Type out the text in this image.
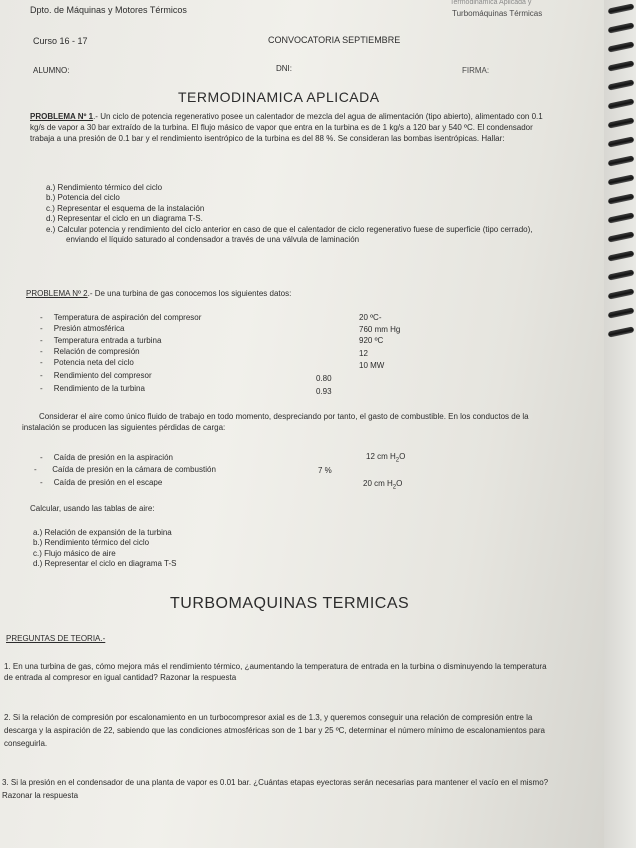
Dpto. de Máquinas y Motores Térmicos
Termodinámica Aplicada y
Turbomáquinas Térmicas
Curso 16 - 17	CONVOCATORIA SEPTIEMBRE
ALUMNO:	DNI:	FIRMA:
TERMODINAMICA APLICADA
PROBLEMA Nº 1.- Un ciclo de potencia regenerativo posee un calentador de mezcla del agua de alimentación (tipo abierto), alimentado con 0.1 kg/s de vapor a 30 bar extraído de la turbina. El flujo másico de vapor que entra en la turbina es de 1 kg/s a 120 bar y 540 ºC. El condensador trabaja a una presión de 0.1 bar y el rendimiento isentrópico de la turbina es del 88 %. Se consideran las bombas isentrópicas. Hallar:
a.) Rendimiento térmico del ciclo
b.) Potencia del ciclo
c.) Representar el esquema de la instalación
d.) Representar el ciclo en un diagrama T-S.
e.) Calcular potencia y rendimiento del ciclo anterior en caso de que el calentador de ciclo regenerativo fuese de superficie (tipo cerrado), enviando el líquido saturado al condensador a través de una válvula de laminación
PROBLEMA Nº 2.- De una turbina de gas conocemos los siguientes datos:
-     Temperatura de aspiración del compresor	20 ºC-
-     Presión atmosférica	760 mm Hg
-     Temperatura entrada a turbina	920 ºC
-     Relación de compresión	12
-     Potencia neta del ciclo	10 MW
-     Rendimiento del compresor	0.80
-     Rendimiento de la turbina	0.93
Considerar el aire como único fluido de trabajo en todo momento, despreciando por tanto, el gasto de combustible. En los conductos de la instalación se producen las siguientes pérdidas de carga:
-     Caída de presión en la aspiración	12 cm $H_2O$
-       Caída de presión en la cámara de combustión	7 %
-     Caída de presión en el escape	20 cm $H_2O$
Calcular, usando las tablas de aire:
a.) Relación de expansión de la turbina
b.) Rendimiento térmico del ciclo
c.) Flujo másico de aire
d.) Representar el ciclo en diagrama T-S
TURBOMAQUINAS TERMICAS
PREGUNTAS DE TEORIA.-
1. En una turbina de gas, cómo mejora más el rendimiento térmico, ¿aumentando la temperatura de entrada en la turbina o disminuyendo la temperatura de entrada al compresor en igual cantidad? Razonar la respuesta
2. Si la relación de compresión por escalonamiento en un turbocompresor axial es de 1.3, y queremos conseguir una relación de compresión entre la descarga y la aspiración de 22, sabiendo que las condiciones atmosféricas son de 1 bar y 25 ºC, determinar el número mínimo de escalonamientos para conseguirla.
3. Si la presión en el condensador de una planta de vapor es 0.01 bar. ¿Cuántas etapas eyectoras serán necesarias para mantener el vacío en el mismo? Razonar la respuesta
